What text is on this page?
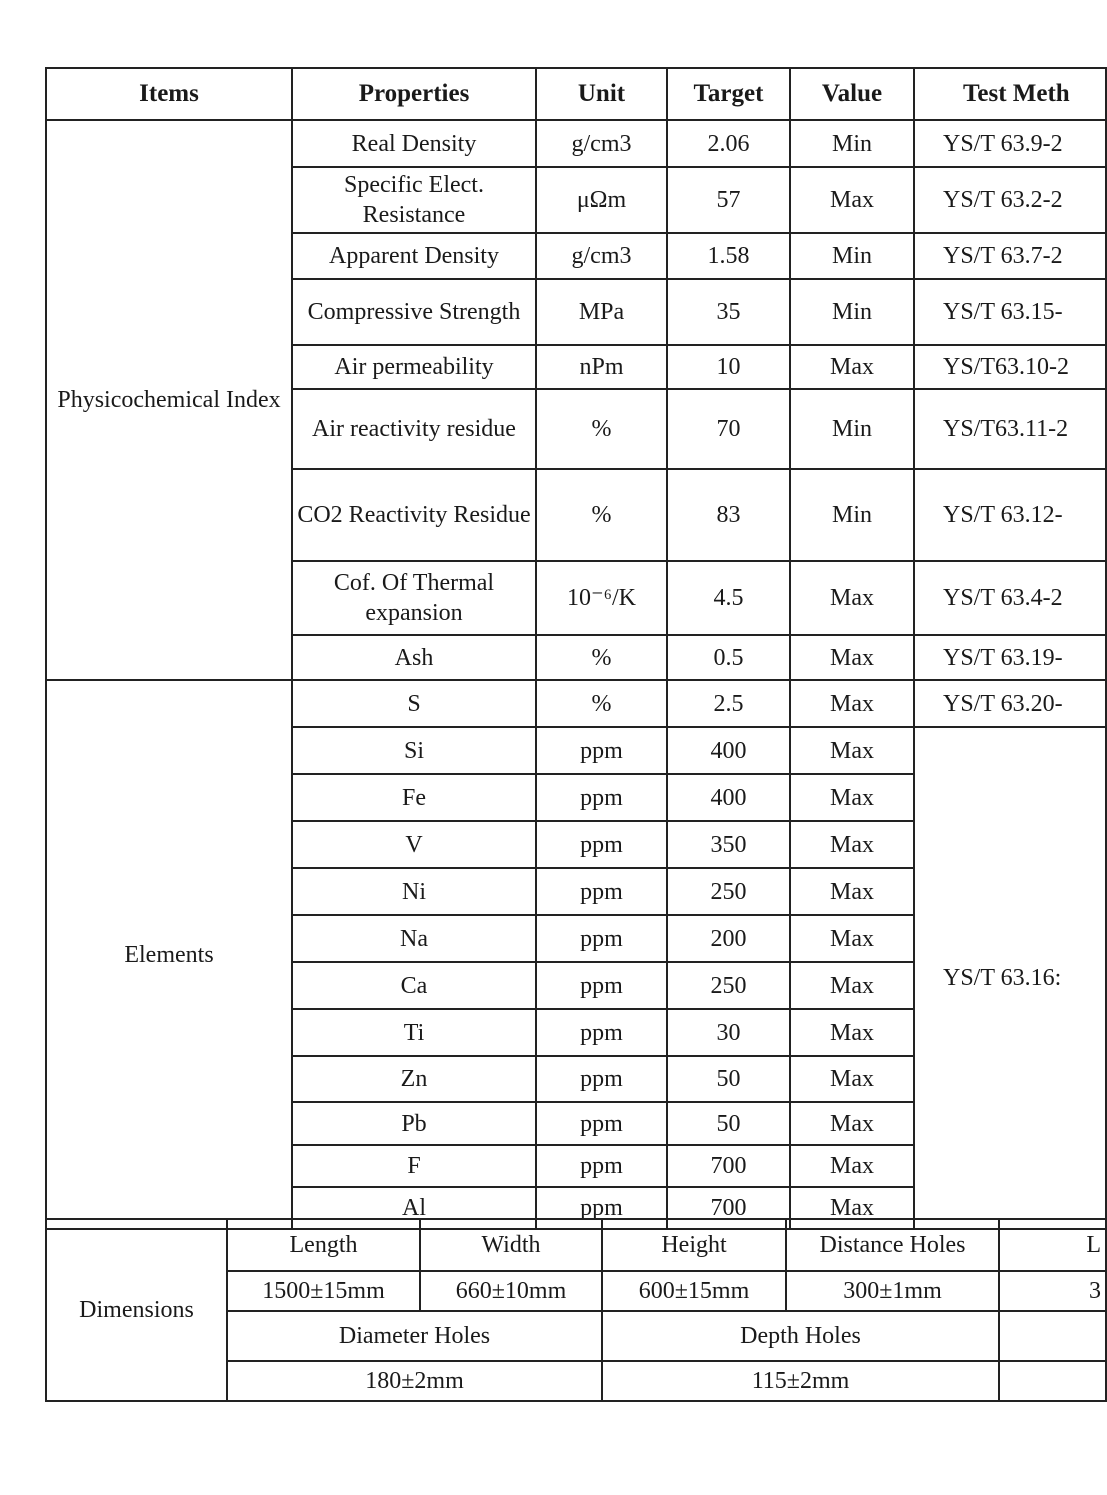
Items	Properties	Unit	Target	Value	Test Meth
Physicochemical Index	Real Density	g/cm3	2.06	Min	YS/T 63.9-2
	Specific Elect. Resistance	μΩm	57	Max	YS/T 63.2-2
	Apparent Density	g/cm3	1.58	Min	YS/T 63.7-2
	Compressive Strength	MPa	35	Min	YS/T 63.15-
	Air permeability	nPm	10	Max	YS/T63.10-2
	Air reactivity residue	%	70	Min	YS/T63.11-2
	CO2 Reactivity Residue	%	83	Min	YS/T 63.12-
	Cof. Of Thermal expansion	10⁻⁶/K	4.5	Max	YS/T 63.4-2
	Ash	%	0.5	Max	YS/T 63.19-
Elements	S	%	2.5	Max	YS/T 63.20-
	Si	ppm	400	Max	YS/T 63.16:
	Fe	ppm	400	Max	
	V	ppm	350	Max	
	Ni	ppm	250	Max	
	Na	ppm	200	Max	
	Ca	ppm	250	Max	
	Ti	ppm	30	Max	
	Zn	ppm	50	Max	
	Pb	ppm	50	Max	
	F	ppm	700	Max	
	Al	ppm	700	Max	
Dimensions	Length	Width	Height	Distance Holes	L
	1500±15mm	660±10mm	600±15mm	300±1mm	3
	Diameter Holes		Depth Holes		
	180±2mm		115±2mm		
